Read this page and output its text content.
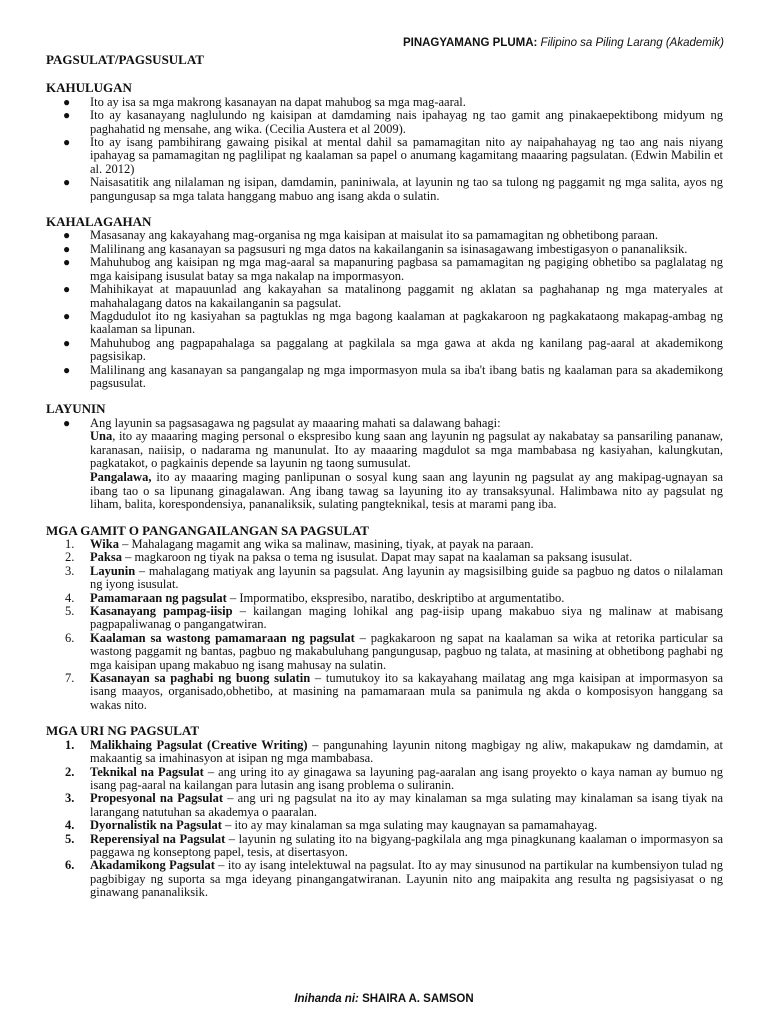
PINAGYAMANG PLUMA: Filipino sa Piling Larang (Akademik)
PAGSULAT/PAGSUSULAT
KAHULUGAN
● Ito ay isa sa mga makrong kasanayan na dapat mahubog sa mga mag-aaral.

● Ito ay kasanayang naglulundo ng kaisipan at damdaming nais ipahayag ng tao gamit ang pinakaepektibong midyum ng paghahatid ng mensahe, ang wika. (Cecilia Austera et al 2009).

● Ito ay isang pambihirang gawaing pisikal at mental dahil sa pamamagitan nito ay naipahahayag ng tao ang nais niyang ipahayag sa pamamagitan ng paglilipat ng kaalaman sa papel o anumang kagamitang maaaring pagsulatan. (Edwin Mabilin et al. 2012)

● Naisasatitik ang nilalaman ng isipan, damdamin, paniniwala, at layunin ng tao sa tulong ng paggamit ng mga salita, ayos ng pangungusap sa mga talata hanggang mabuo ang isang akda o sulatin.

KAHALAGAHAN
● Masasanay ang kakayahang mag-organisa ng mga kaisipan at maisulat ito sa pamamagitan ng obhetibong paraan.

● Malilinang ang kasanayan sa pagsusuri ng mga datos na kakailanganin sa isinasagawang imbestigasyon o pananaliksik.

● Mahuhubog ang kaisipan ng mga mag-aaral sa mapanuring pagbasa sa pamamagitan ng pagiging obhetibo sa paglalatag ng mga kaisipang isusulat batay sa mga nakalap na impormasyon.

● Mahihikayat at mapauunlad ang kakayahan sa matalinong paggamit ng aklatan sa paghahanap ng mga materyales at mahahalagang datos na kakailanganin sa pagsulat.

● Magdudulot ito ng kasiyahan sa pagtuklas ng mga bagong kaalaman at pagkakaroon ng pagkakataong makapag-ambag ng kaalaman sa lipunan.

● Mahuhubog ang pagpapahalaga sa paggalang at pagkilala sa mga gawa at akda ng kanilang pag-aaral at akademikong pagsisikap.

● Malilinang ang kasanayan sa pangangalap ng mga impormasyon mula sa iba't ibang batis ng kaalaman para sa akademikong pagsusulat.

LAYUNIN
● Ang layunin sa pagsasagawa ng pagsulat ay maaaring mahati sa dalawang bahagi:

Una, ito ay maaaring maging personal o ekspresibo kung saan ang layunin ng pagsulat ay nakabatay sa pansariling pananaw, karanasan, naiisip, o nadarama ng manunulat. Ito ay maaaring magdulot sa mga mambabasa ng kasiyahan, kalungkutan, pagkatakot, o pagkainis depende sa layunin ng taong sumusulat.

Pangalawa, ito ay maaaring maging panlipunan o sosyal kung saan ang layunin ng pagsulat ay ang makipag-ugnayan sa ibang tao o sa lipunang ginagalawan. Ang ibang tawag sa layuning ito ay transaksyunal. Halimbawa nito ay pagsulat ng liham, balita, korespondensiya, pananaliksik, sulating pangteknikal, tesis at marami pang iba.

MGA GAMIT O PANGANGAILANGAN SA PAGSULAT
1.	Wika – Mahalagang magamit ang wika sa malinaw, masining, tiyak, at payak na paraan.
2.	Paksa – magkaroon ng tiyak na paksa o tema ng isusulat. Dapat may sapat na kaalaman sa paksang isusulat.
3.	Layunin – mahalagang matiyak ang layunin sa pagsulat. Ang layunin ay magsisilbing guide sa pagbuo ng datos o nilalaman ng iyong isusulat.
4.	Pamamaraan ng pagsulat – Impormatibo, ekspresibo, naratibo, deskriptibo at argumentatibo.
5.	Kasanayang pampag-iisip – kailangan maging lohikal ang pag-iisip upang makabuo siya ng malinaw at mabisang pagpapaliwanag o pangangatwiran.
6.	Kaalaman sa wastong pamamaraan ng pagsulat – pagkakaroon ng sapat na kaalaman sa wika at retorika particular sa wastong paggamit ng bantas, pagbuo ng makabuluhang pangungusap, pagbuo ng talata, at masining at obhetibong paghabi ng mga kaisipan upang makabuo ng isang mahusay na sulatin.
7.	Kasanayan sa paghabi ng buong sulatin – tumutukoy ito sa kakayahang mailatag ang mga kaisipan at impormasyon sa isang maayos, organisado,obhetibo, at masining na pamamaraan mula sa panimula ng akda o komposisyon hanggang sa wakas nito.
MGA URI NG PAGSULAT
1.	Malikhaing Pagsulat (Creative Writing) – pangunahing layunin nitong magbigay ng aliw, makapukaw ng damdamin, at makaantig sa imahinasyon at isipan ng mga mambabasa.
2.	Teknikal na Pagsulat – ang uring ito ay ginagawa sa layuning pag-aaralan ang isang proyekto o kaya naman ay bumuo ng isang pag-aaral na kailangan para lutasin ang isang problema o suliranin.
3.	Propesyonal na Pagsulat – ang uri ng pagsulat na ito ay may kinalaman sa mga sulating may kinalaman sa isang tiyak na larangang natutuhan sa akademya o paaralan.
4.	Dyornalistik na Pagsulat – ito ay may kinalaman sa mga sulating may kaugnayan sa pamamahayag.
5.	Reperensiyal na Pagsulat – layunin ng sulating ito na bigyang-pagkilala ang mga pinagkunang kaalaman o impormasyon sa paggawa ng konseptong papel, tesis, at disertasyon.
6.	Akadamikong Pagsulat – ito ay isang intelektuwal na pagsulat. Ito ay may sinusunod na partikular na kumbensiyon tulad ng pagbibigay ng suporta sa mga ideyang pinangangatwiranan. Layunin nito ang maipakita ang resulta ng pagsisiyasat o ng ginawang pananaliksik.
Inihanda ni: SHAIRA A. SAMSON
